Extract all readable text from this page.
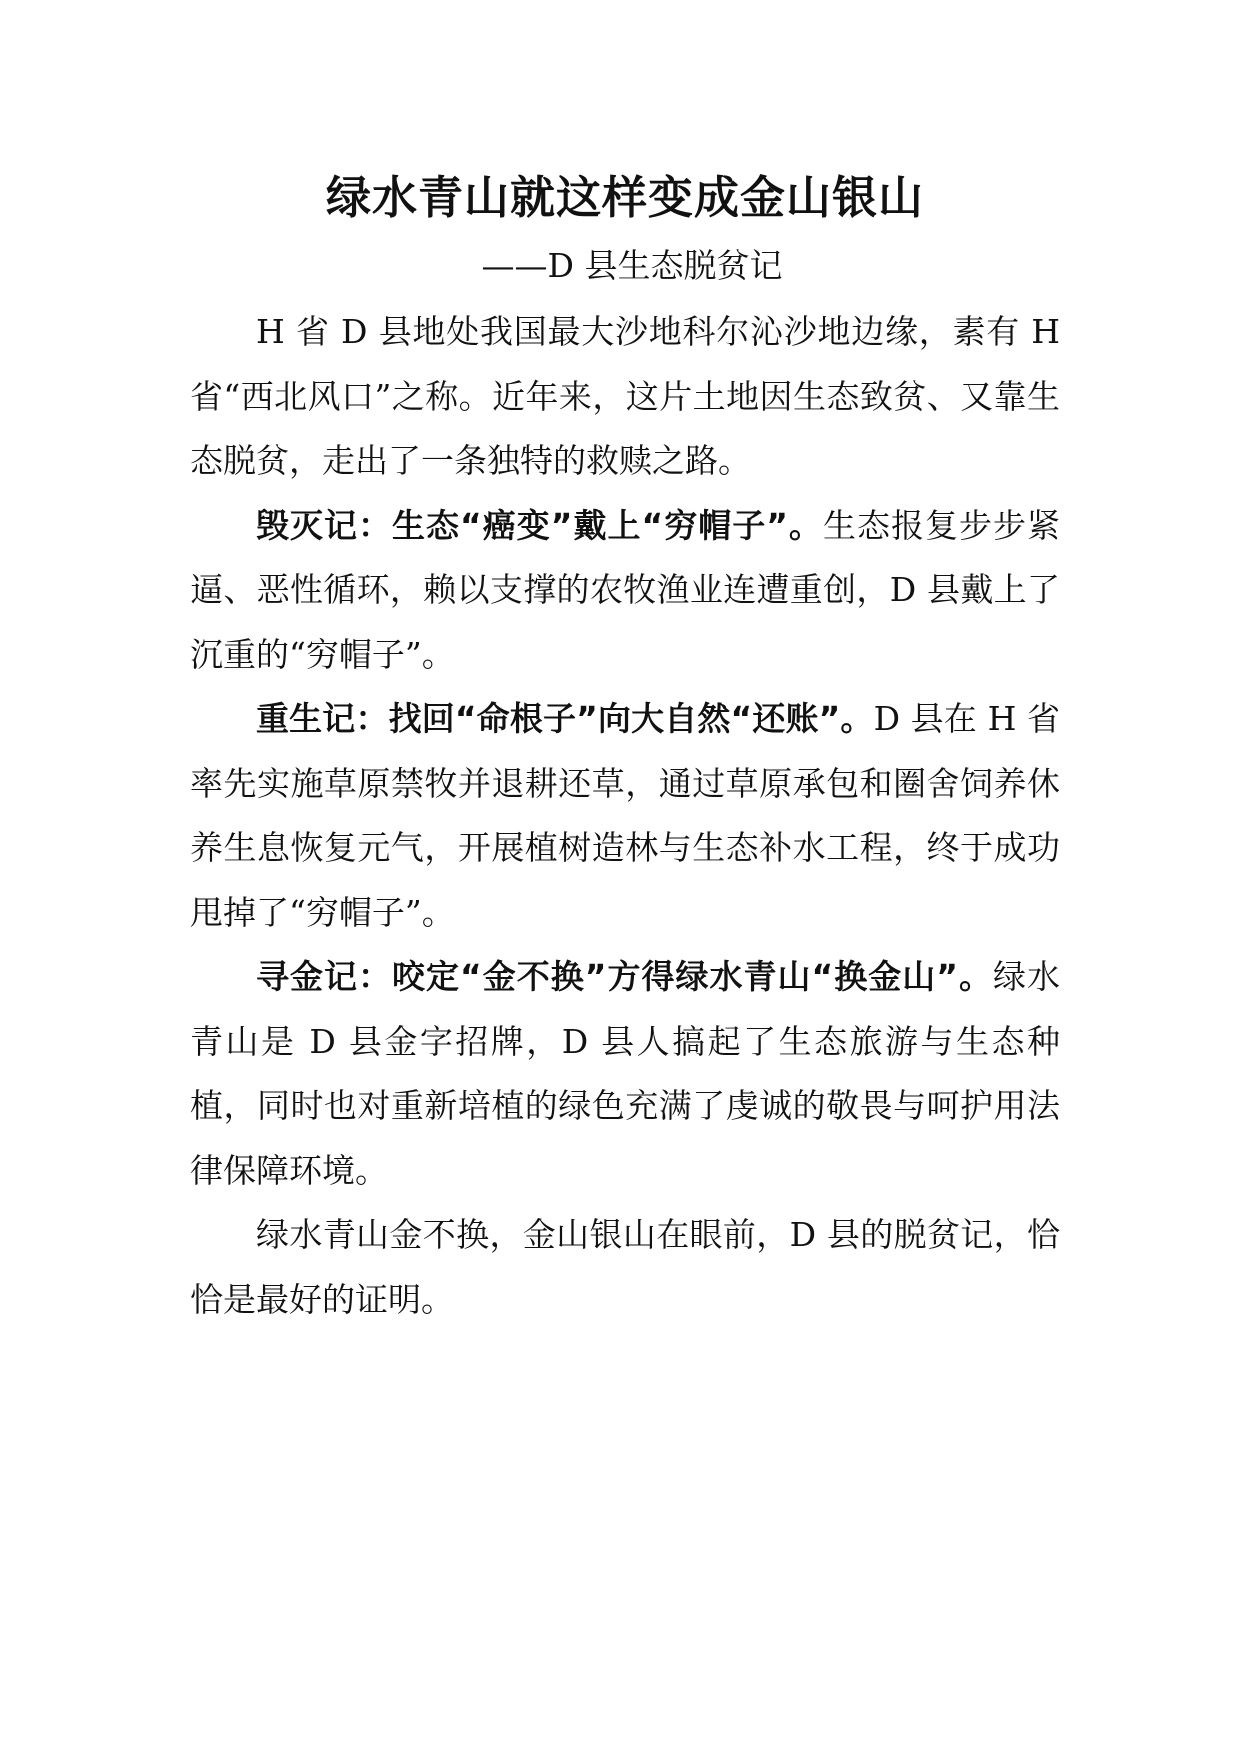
绿水青山就这样变成金山银山

——D 县生态脱贫记

H 省 D 县地处我国最大沙地科尔沁沙地边缘，素有 H 省“西北风口”之称。近年来，这片土地因生态致贫、又靠生态脱贫，走出了一条独特的救赎之路。

毁灭记：生态“癌变”戴上“穷帽子”。生态报复步步紧逼、恶性循环，赖以支撑的农牧渔业连遭重创，D 县戴上了沉重的“穷帽子”。

重生记：找回“命根子”向大自然“还账”。D 县在 H 省率先实施草原禁牧并退耕还草，通过草原承包和圈舍饲养休养生息恢复元气，开展植树造林与生态补水工程，终于成功甩掉了“穷帽子”。

寻金记：咬定“金不换”方得绿水青山“换金山”。绿水青山是 D 县金字招牌，D 县人搞起了生态旅游与生态种植，同时也对重新培植的绿色充满了虔诚的敬畏与呵护用法律保障环境。

绿水青山金不换，金山银山在眼前，D 县的脱贫记，恰恰是最好的证明。
